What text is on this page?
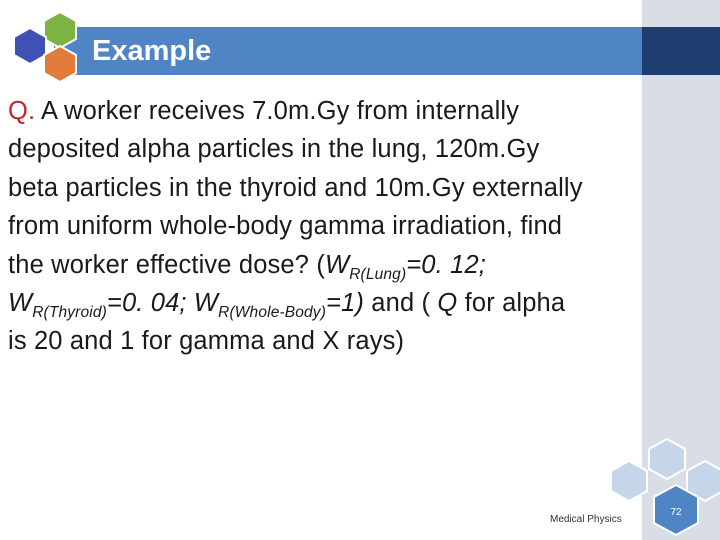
Example
Q. A worker receives 7.0m.Gy from internally
deposited alpha particles in the lung, 120m.Gy
beta particles in the thyroid and 10m.Gy externally
from uniform whole-body gamma irradiation, find
the worker effective dose? ($W_{R(Lung)}=0$. 12;
$W_{R(Thyroid)}=0$. 04; $W_{R(Whole-Body)}=1$) and ( Q for alpha
is 20 and 1 for gamma and X rays)
Medical Physics
72
